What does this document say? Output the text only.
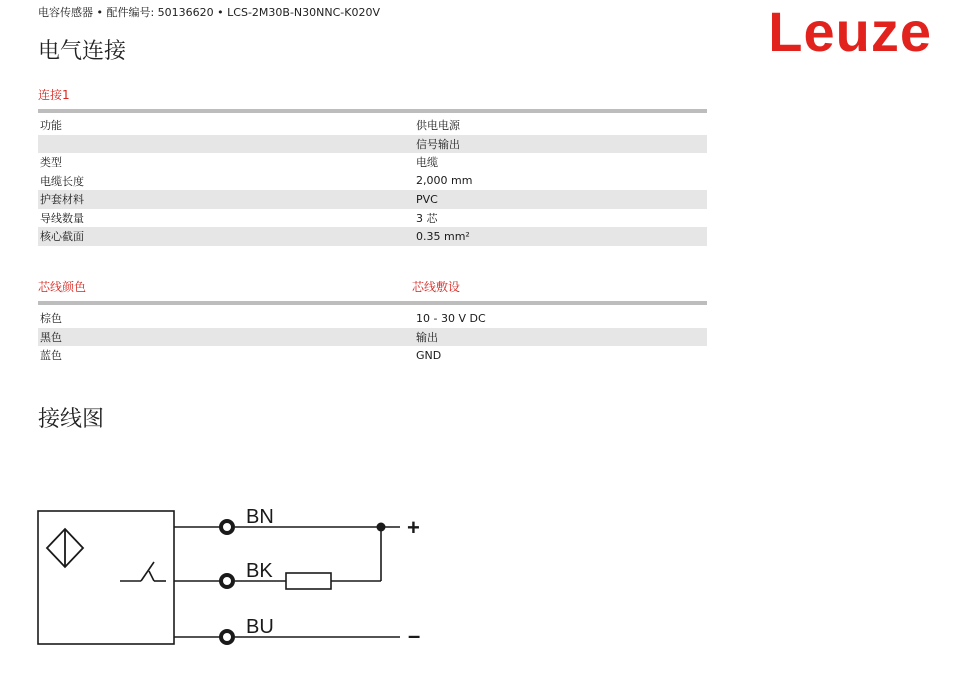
电容传感器 • 配件编号: 50136620 • LCS-2M30B-N30NNC-K020V	Leuze
电气连接
连接1
功能	供电电源
	信号输出
类型	电缆
电缆长度	2,000 mm
护套材料	PVC
导线数量	3 芯
核心截面	0.35 mm²
芯线颜色	芯线敷设
棕色	10 - 30 V DC
黑色	输出
蓝色	GND
接线图
BN
BK
BU
+
–
